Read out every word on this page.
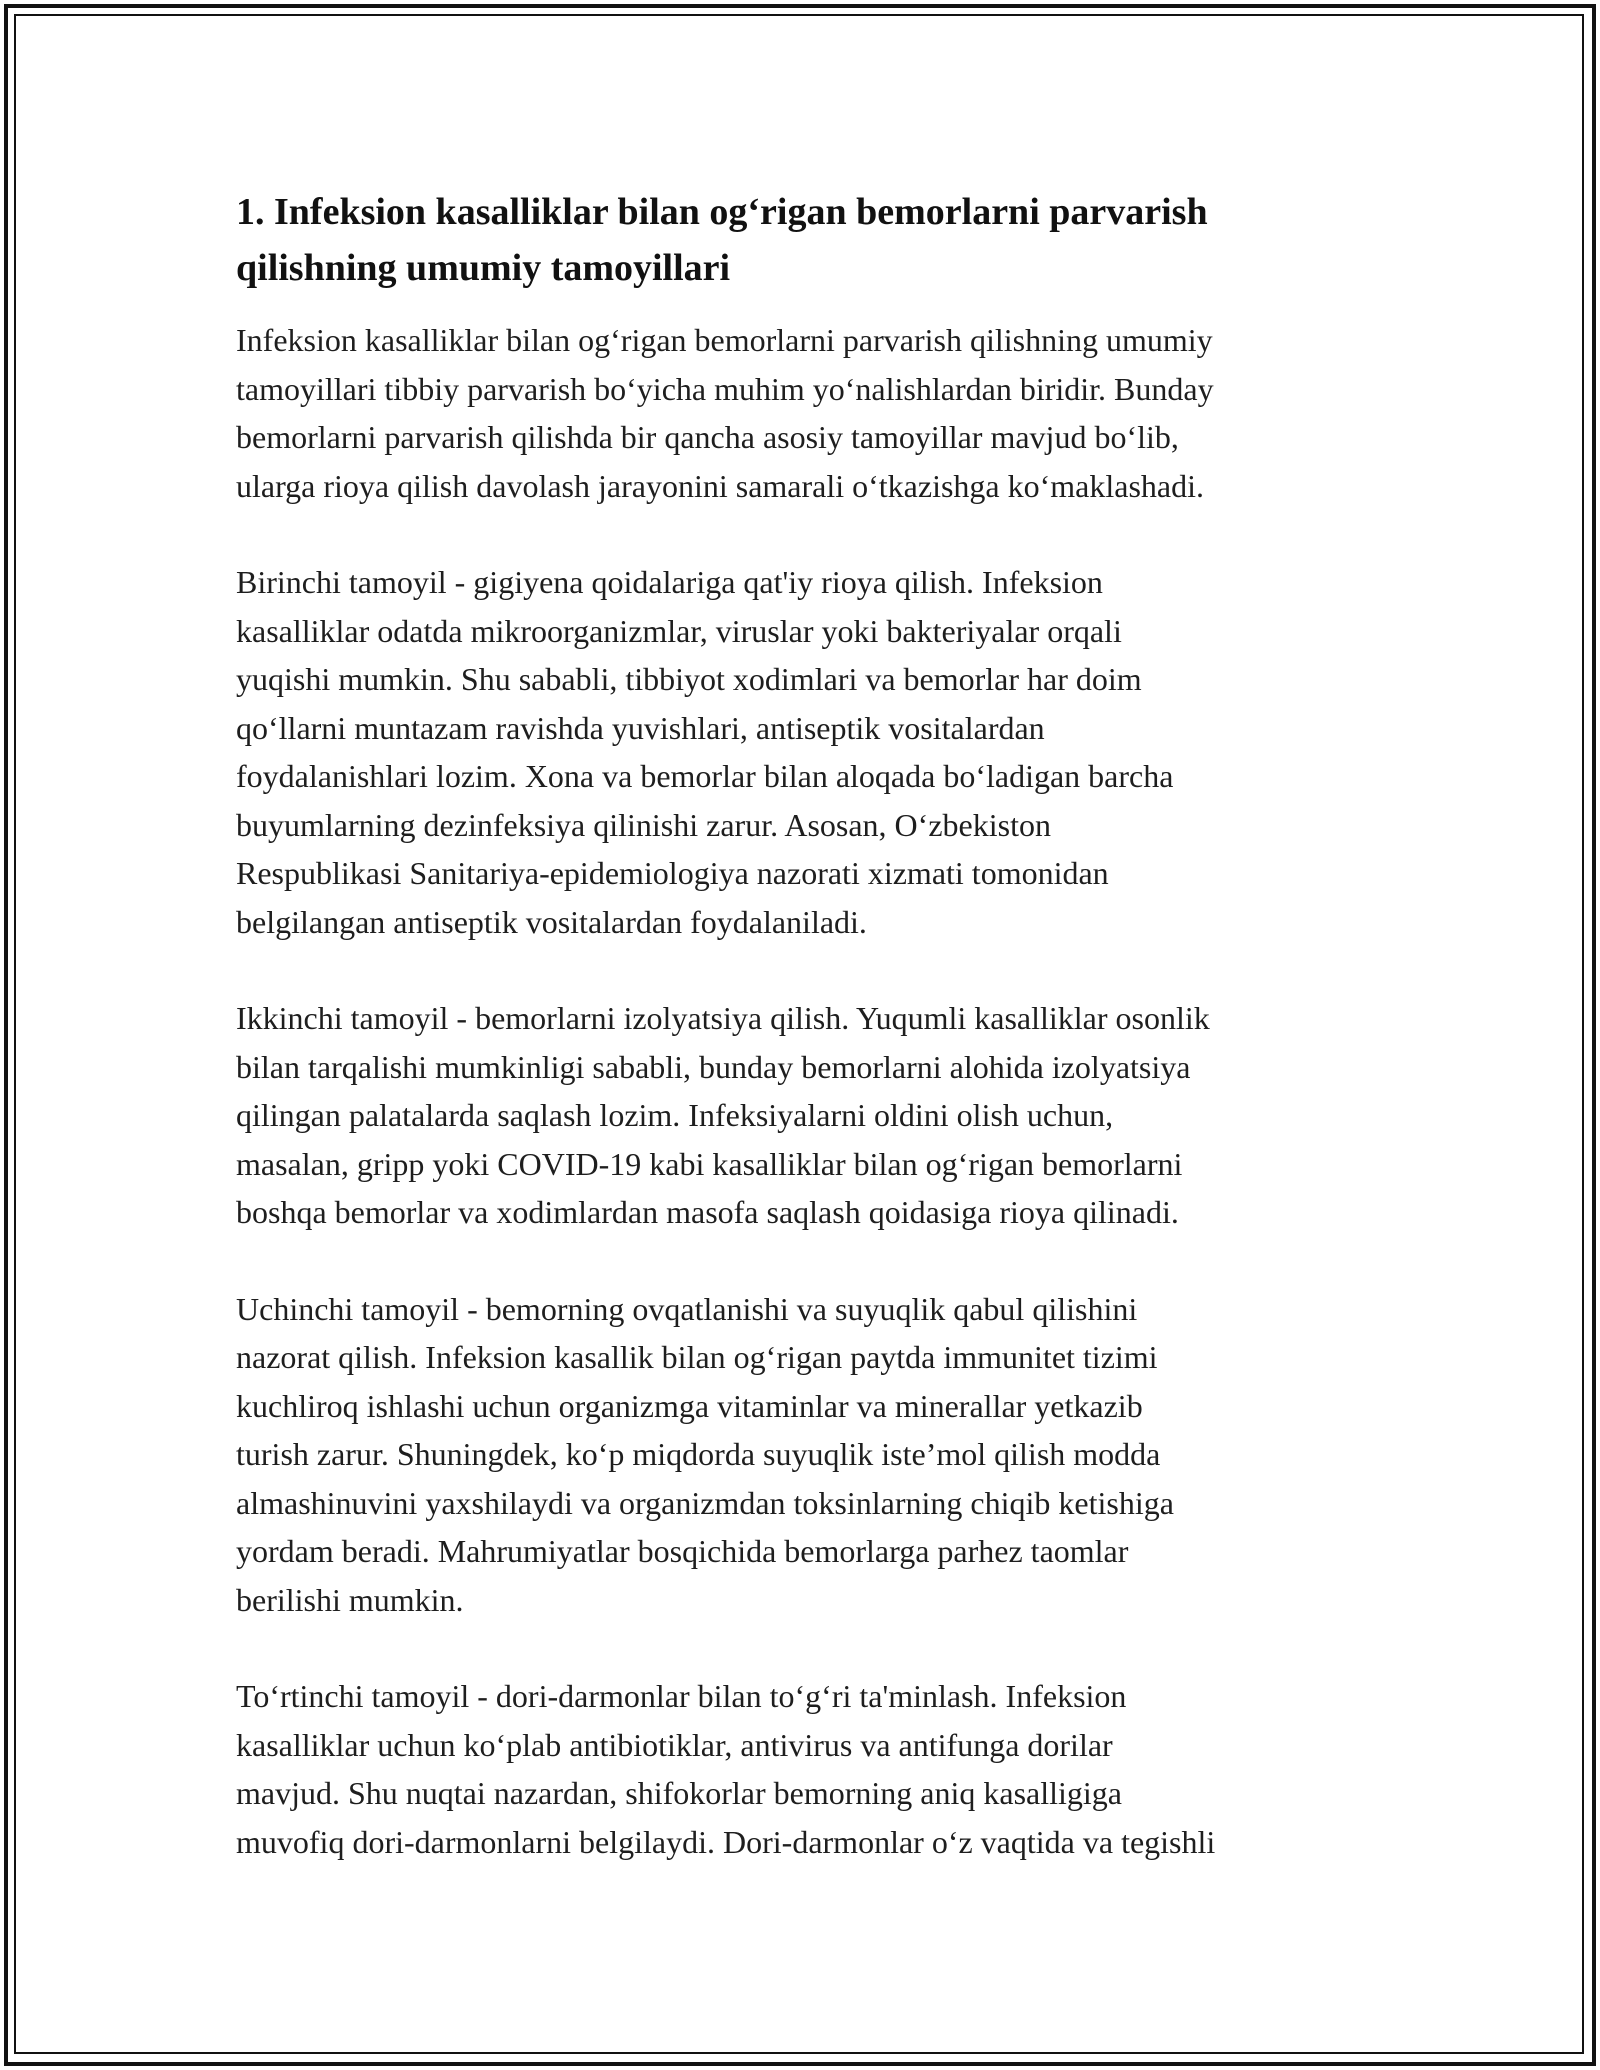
1. Infeksion kasalliklar bilan og‘rigan bemorlarni parvarish
qilishning umumiy tamoyillari

Infeksion kasalliklar bilan og‘rigan bemorlarni parvarish qilishning umumiy
tamoyillari tibbiy parvarish bo‘yicha muhim yo‘nalishlardan biridir. Bunday
bemorlarni parvarish qilishda bir qancha asosiy tamoyillar mavjud bo‘lib,
ularga rioya qilish davolash jarayonini samarali o‘tkazishga ko‘maklashadi.

Birinchi tamoyil - gigiyena qoidalariga qat'iy rioya qilish. Infeksion
kasalliklar odatda mikroorganizmlar, viruslar yoki bakteriyalar orqali
yuqishi mumkin. Shu sababli, tibbiyot xodimlari va bemorlar har doim
qo‘llarni muntazam ravishda yuvishlari, antiseptik vositalardan
foydalanishlari lozim. Xona va bemorlar bilan aloqada bo‘ladigan barcha
buyumlarning dezinfeksiya qilinishi zarur. Asosan, O‘zbekiston
Respublikasi Sanitariya-epidemiologiya nazorati xizmati tomonidan
belgilangan antiseptik vositalardan foydalaniladi.

Ikkinchi tamoyil - bemorlarni izolyatsiya qilish. Yuqumli kasalliklar osonlik
bilan tarqalishi mumkinligi sababli, bunday bemorlarni alohida izolyatsiya
qilingan palatalarda saqlash lozim. Infeksiyalarni oldini olish uchun,
masalan, gripp yoki COVID-19 kabi kasalliklar bilan og‘rigan bemorlarni
boshqa bemorlar va xodimlardan masofa saqlash qoidasiga rioya qilinadi.

Uchinchi tamoyil - bemorning ovqatlanishi va suyuqlik qabul qilishini
nazorat qilish. Infeksion kasallik bilan og‘rigan paytda immunitet tizimi
kuchliroq ishlashi uchun organizmga vitaminlar va minerallar yetkazib
turish zarur. Shuningdek, ko‘p miqdorda suyuqlik iste’mol qilish modda
almashinuvini yaxshilaydi va organizmdan toksinlarning chiqib ketishiga
yordam beradi. Mahrumiyatlar bosqichida bemorlarga parhez taomlar
berilishi mumkin.

To‘rtinchi tamoyil - dori-darmonlar bilan to‘g‘ri ta'minlash. Infeksion
kasalliklar uchun ko‘plab antibiotiklar, antivirus va antifunga dorilar
mavjud. Shu nuqtai nazardan, shifokorlar bemorning aniq kasalligiga
muvofiq dori-darmonlarni belgilaydi. Dori-darmonlar o‘z vaqtida va tegishli
